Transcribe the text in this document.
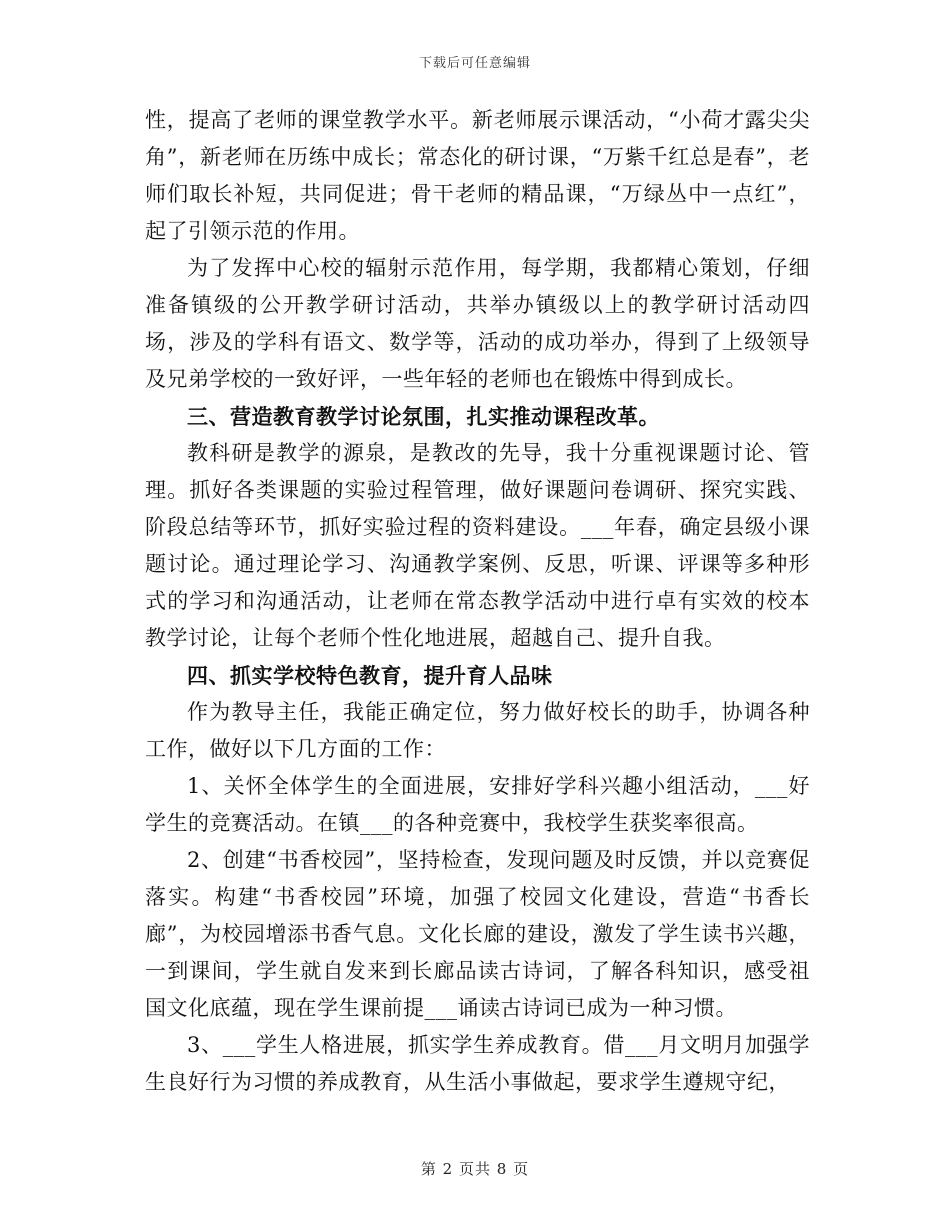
下载后可任意编辑

性，提高了老师的课堂教学水平。新老师展示课活动，“小荷才露尖尖角”，新老师在历练中成长；常态化的研讨课，“万紫千红总是春”，老师们取长补短，共同促进；骨干老师的精品课，“万绿丛中一点红”，起了引领示范的作用。

为了发挥中心校的辐射示范作用，每学期，我都精心策划，仔细准备镇级的公开教学研讨活动，共举办镇级以上的教学研讨活动四场，涉及的学科有语文、数学等，活动的成功举办，得到了上级领导及兄弟学校的一致好评，一些年轻的老师也在锻炼中得到成长。

三、营造教育教学讨论氛围，扎实推动课程改革。

教科研是教学的源泉，是教改的先导，我十分重视课题讨论、管理。抓好各类课题的实验过程管理，做好课题问卷调研、探究实践、阶段总结等环节，抓好实验过程的资料建设。___年春，确定县级小课题讨论。通过理论学习、沟通教学案例、反思，听课、评课等多种形式的学习和沟通活动，让老师在常态教学活动中进行卓有实效的校本教学讨论，让每个老师个性化地进展，超越自己、提升自我。

四、抓实学校特色教育，提升育人品味

作为教导主任，我能正确定位，努力做好校长的助手，协调各种工作，做好以下几方面的工作：

1、关怀全体学生的全面进展，安排好学科兴趣小组活动，___好学生的竞赛活动。在镇___的各种竞赛中，我校学生获奖率很高。

2、创建“书香校园”，坚持检查，发现问题及时反馈，并以竞赛促落实。构建“书香校园”环境，加强了校园文化建设，营造“书香长廊”，为校园增添书香气息。文化长廊的建设，激发了学生读书兴趣，一到课间，学生就自发来到长廊品读古诗词，了解各科知识，感受祖国文化底蕴，现在学生课前提___诵读古诗词已成为一种习惯。

3、___学生人格进展，抓实学生养成教育。借___月文明月加强学生良好行为习惯的养成教育，从生活小事做起，要求学生遵规守纪，

第 2 页共 8 页
